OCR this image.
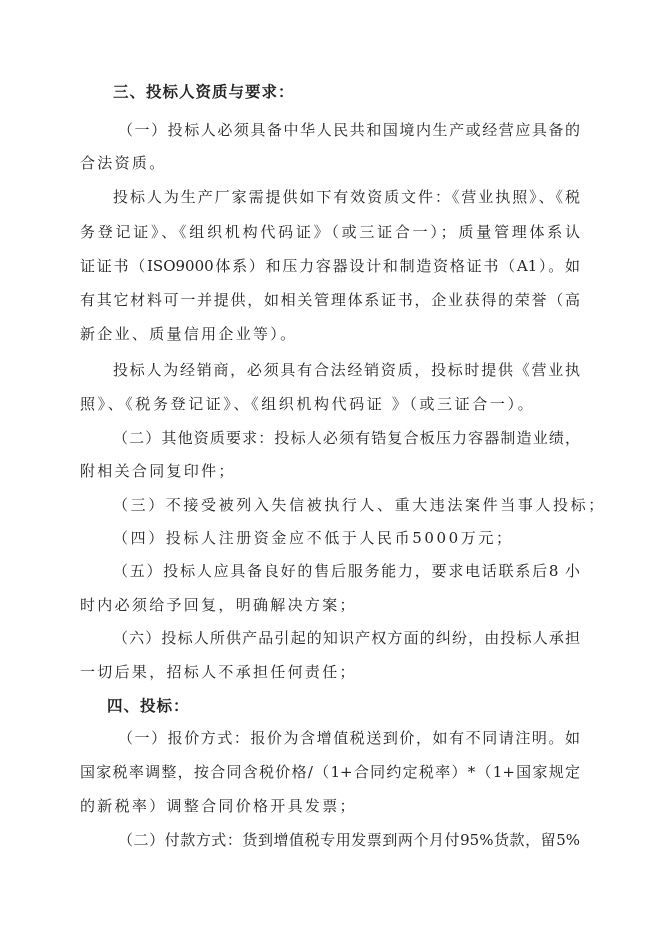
三、投标人资质与要求：
（一）投标人必须具备中华人民共和国境内生产或经营应具备的
合法资质。
投标人为生产厂家需提供如下有效资质文件：《营业执照》、《税
务登记证》、《组织机构代码证》（或三证合一）；质量管理体系认
证证书（ISO9000体系）和压力容器设计和制造资格证书（A1）。如
有其它材料可一并提供，如相关管理体系证书，企业获得的荣誉（高
新企业、质量信用企业等）。
投标人为经销商，必须具有合法经销资质，投标时提供《营业执
照》、《税务登记证》、《组织机构代码证 》（或三证合一）。
（二）其他资质要求：投标人必须有锆复合板压力容器制造业绩，
附相关合同复印件；
（三）不接受被列入失信被执行人、重大违法案件当事人投标；
（四）投标人注册资金应不低于人民币5000万元；
（五）投标人应具备良好的售后服务能力，要求电话联系后8 小
时内必须给予回复，明确解决方案；
（六）投标人所供产品引起的知识产权方面的纠纷，由投标人承担
一切后果，招标人不承担任何责任；
四、投标：
（一）报价方式：报价为含增值税送到价，如有不同请注明。如
国家税率调整，按合同含税价格/（1+合同约定税率）*（1+国家规定
的新税率）调整合同价格开具发票；
（二）付款方式：货到增值税专用发票到两个月付95%货款，留5%
